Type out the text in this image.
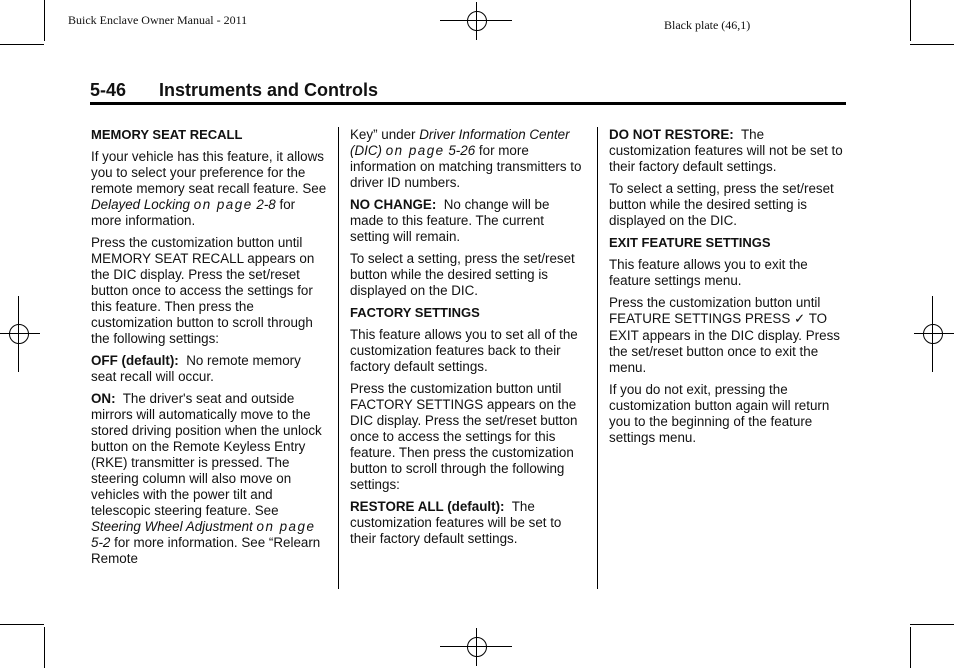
Buick Enclave Owner Manual - 2011	Black plate (46,1)
5-46 Instruments and Controls
MEMORY SEAT RECALL

If your vehicle has this feature, it allows you to select your preference for the remote memory seat recall feature. See Delayed Locking on page 2-8 for more information.

Press the customization button until MEMORY SEAT RECALL appears on the DIC display. Press the set/reset button once to access the settings for this feature. Then press the customization button to scroll through the following settings:

OFF (default): No remote memory seat recall will occur.

ON: The driver's seat and outside mirrors will automatically move to the stored driving position when the unlock button on the Remote Keyless Entry (RKE) transmitter is pressed. The steering column will also move on vehicles with the power tilt and telescopic steering feature. See Steering Wheel Adjustment on page 5-2 for more information. See “Relearn Remote

Key” under Driver Information Center (DIC) on page 5-26 for more information on matching transmitters to driver ID numbers.

NO CHANGE: No change will be made to this feature. The current setting will remain.

To select a setting, press the set/reset button while the desired setting is displayed on the DIC.

FACTORY SETTINGS

This feature allows you to set all of the customization features back to their factory default settings.

Press the customization button until FACTORY SETTINGS appears on the DIC display. Press the set/reset button once to access the settings for this feature. Then press the customization button to scroll through the following settings:

RESTORE ALL (default): The customization features will be set to their factory default settings.

DO NOT RESTORE: The customization features will not be set to their factory default settings.

To select a setting, press the set/reset button while the desired setting is displayed on the DIC.

EXIT FEATURE SETTINGS

This feature allows you to exit the feature settings menu.

Press the customization button until FEATURE SETTINGS PRESS ✓ TO EXIT appears in the DIC display. Press the set/reset button once to exit the menu.

If you do not exit, pressing the customization button again will return you to the beginning of the feature settings menu.
